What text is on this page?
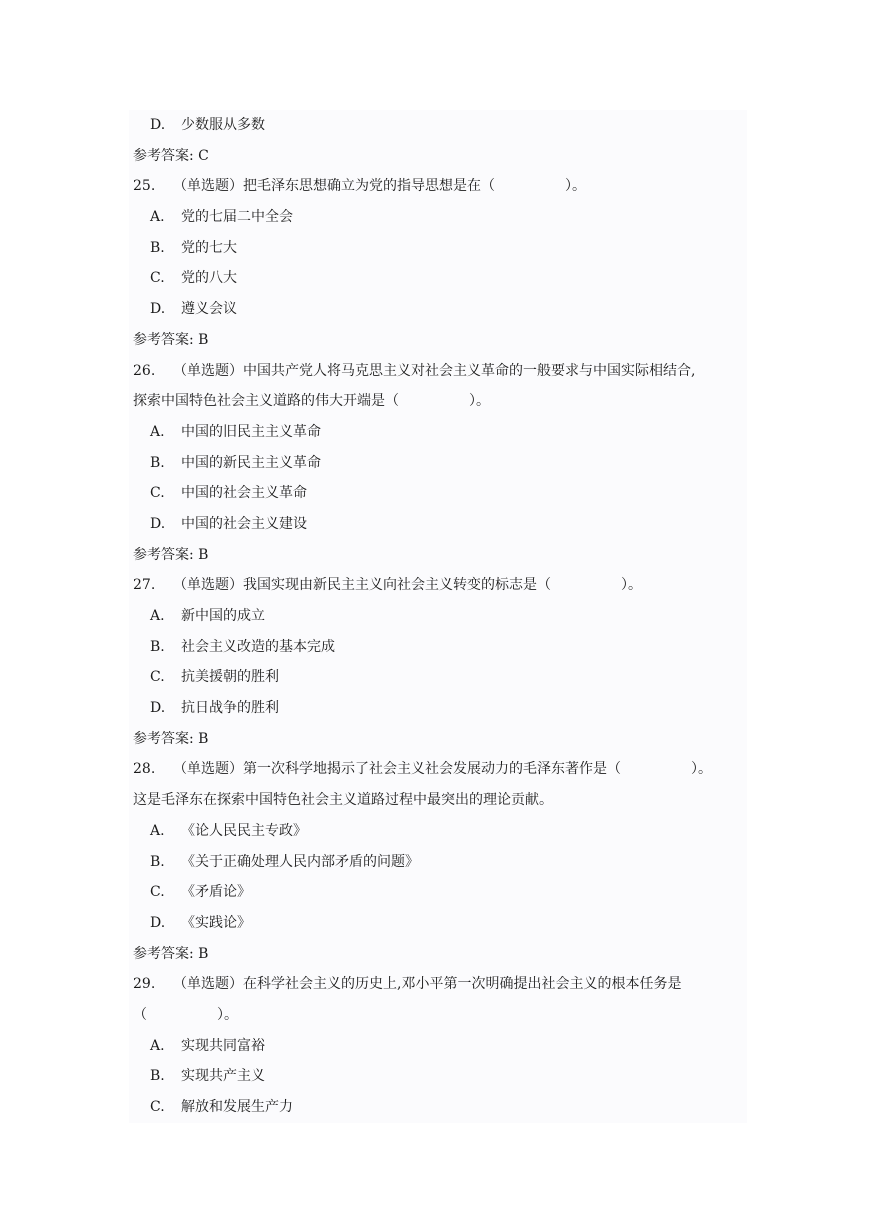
D. 少数服从多数
参考答案: C
25. （单选题）把毛泽东思想确立为党的指导思想是在（　　　　　）。
A. 党的七届二中全会
B. 党的七大
C. 党的八大
D. 遵义会议
参考答案: B
26. （单选题）中国共产党人将马克思主义对社会主义革命的一般要求与中国实际相结合,
探索中国特色社会主义道路的伟大开端是（　　　　　）。
A. 中国的旧民主主义革命
B. 中国的新民主主义革命
C. 中国的社会主义革命
D. 中国的社会主义建设
参考答案: B
27. （单选题）我国实现由新民主主义向社会主义转变的标志是（　　　　　）。
A. 新中国的成立
B. 社会主义改造的基本完成
C. 抗美援朝的胜利
D. 抗日战争的胜利
参考答案: B
28. （单选题）第一次科学地揭示了社会主义社会发展动力的毛泽东著作是（　　　　　）。
这是毛泽东在探索中国特色社会主义道路过程中最突出的理论贡献。
A. 《论人民民主专政》
B. 《关于正确处理人民内部矛盾的问题》
C. 《矛盾论》
D. 《实践论》
参考答案: B
29. （单选题）在科学社会主义的历史上,邓小平第一次明确提出社会主义的根本任务是
（　　　　　）。
A. 实现共同富裕
B. 实现共产主义
C. 解放和发展生产力
